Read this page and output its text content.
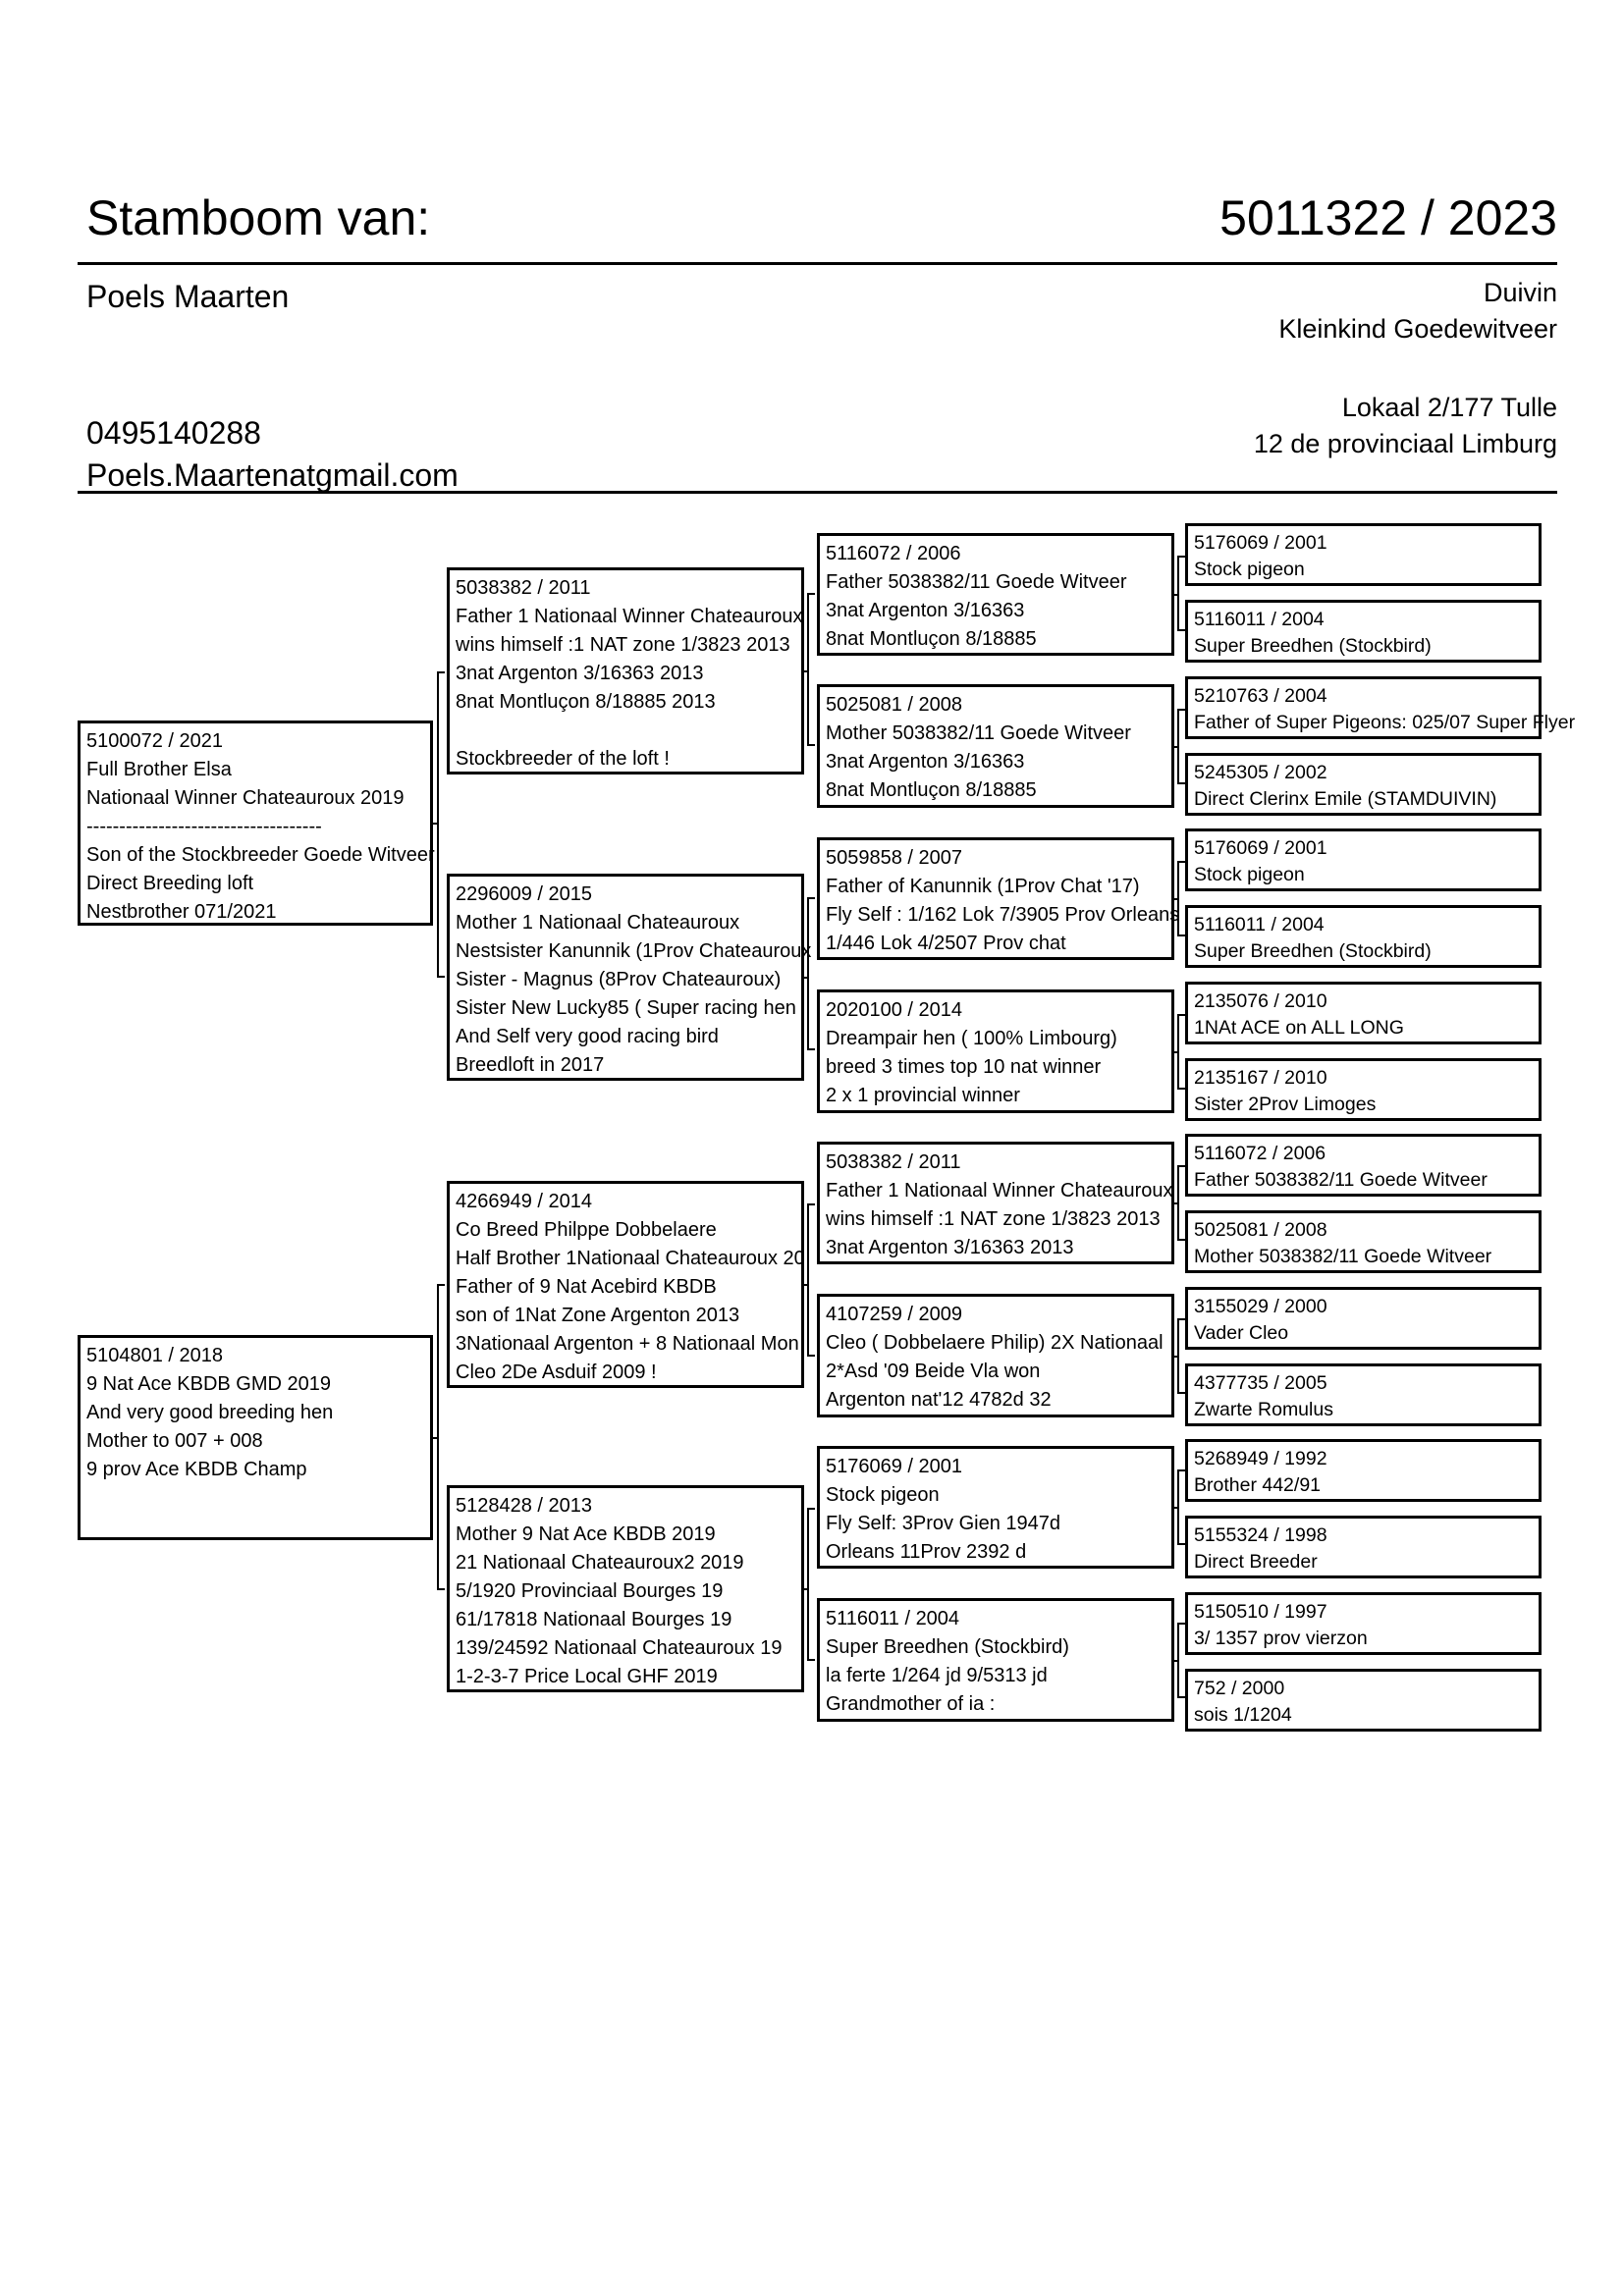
Stamboom van:	5011322 / 2023
Poels Maarten
0495140288
Poels.Maartenatgmail.com
Duivin
Kleinkind Goedewitveer
Lokaal 2/177 Tulle
12 de provinciaal Limburg
5100072 / 2021
Full Brother Elsa
Nationaal Winner Chateauroux 2019
------------------------------------
Son of the Stockbreeder Goede Witveer
Direct Breeding loft
Nestbrother 071/2021
5104801 / 2018
9 Nat Ace KBDB GMD 2019
And very good breeding hen
Mother to 007 + 008
9 prov Ace KBDB Champ
5038382 / 2011
Father 1 Nationaal Winner Chateauroux
wins himself :1 NAT zone 1/3823 2013
3nat Argenton 3/16363 2013
8nat Montluçon 8/18885 2013
Stockbreeder of the loft !
2296009 / 2015
Mother 1 Nationaal Chateauroux
Nestsister Kanunnik (1Prov Chateauroux
Sister - Magnus (8Prov Chateauroux)
Sister New Lucky85 ( Super racing hen
And Self very good racing bird
Breedloft in 2017
4266949 / 2014
Co Breed Philppe Dobbelaere
Half Brother 1Nationaal Chateauroux 20
Father of 9 Nat Acebird KBDB
son of 1Nat Zone Argenton 2013
3Nationaal Argenton + 8 Nationaal Mon
Cleo 2De Asduif 2009 !
5128428 / 2013
Mother 9 Nat Ace KBDB 2019
21 Nationaal Chateauroux2 2019
5/1920 Provinciaal Bourges 19
61/17818 Nationaal Bourges 19
139/24592 Nationaal Chateauroux 19
1-2-3-7 Price Local GHF 2019
5116072 / 2006
Father 5038382/11 Goede Witveer
3nat Argenton 3/16363
8nat Montluçon 8/18885
5025081 / 2008
Mother 5038382/11 Goede Witveer
3nat Argenton 3/16363
8nat Montluçon 8/18885
5059858 / 2007
Father of Kanunnik (1Prov Chat '17)
Fly Self : 1/162 Lok 7/3905 Prov Orleans
1/446 Lok 4/2507 Prov chat
2020100 / 2014
Dreampair hen ( 100% Limbourg)
breed 3 times top 10 nat winner
2 x 1 provincial winner
5038382 / 2011
Father 1 Nationaal Winner Chateauroux
wins himself :1 NAT zone 1/3823 2013
3nat Argenton 3/16363 2013
4107259 / 2009
Cleo ( Dobbelaere Philip) 2X Nationaal
2*Asd '09 Beide Vla won
Argenton nat'12 4782d 32
5176069 / 2001
Stock pigeon
Fly Self: 3Prov Gien 1947d
Orleans 11Prov 2392 d
5116011 / 2004
Super Breedhen (Stockbird)
la ferte 1/264 jd 9/5313 jd
Grandmother of ia :
5176069 / 2001
Stock pigeon
5116011 / 2004
Super Breedhen (Stockbird)
5210763 / 2004
Father of Super Pigeons: 025/07 Super Flyer
5245305 / 2002
Direct Clerinx Emile (STAMDUIVIN)
5176069 / 2001
Stock pigeon
5116011 / 2004
Super Breedhen (Stockbird)
2135076 / 2010
1NAt ACE on ALL LONG
2135167 / 2010
Sister 2Prov Limoges
5116072 / 2006
Father 5038382/11 Goede Witveer
5025081 / 2008
Mother 5038382/11 Goede Witveer
3155029 / 2000
Vader Cleo
4377735 / 2005
Zwarte Romulus
5268949 / 1992
Brother 442/91
5155324 / 1998
Direct Breeder
5150510 / 1997
3/ 1357 prov vierzon
752 / 2000
sois 1/1204
